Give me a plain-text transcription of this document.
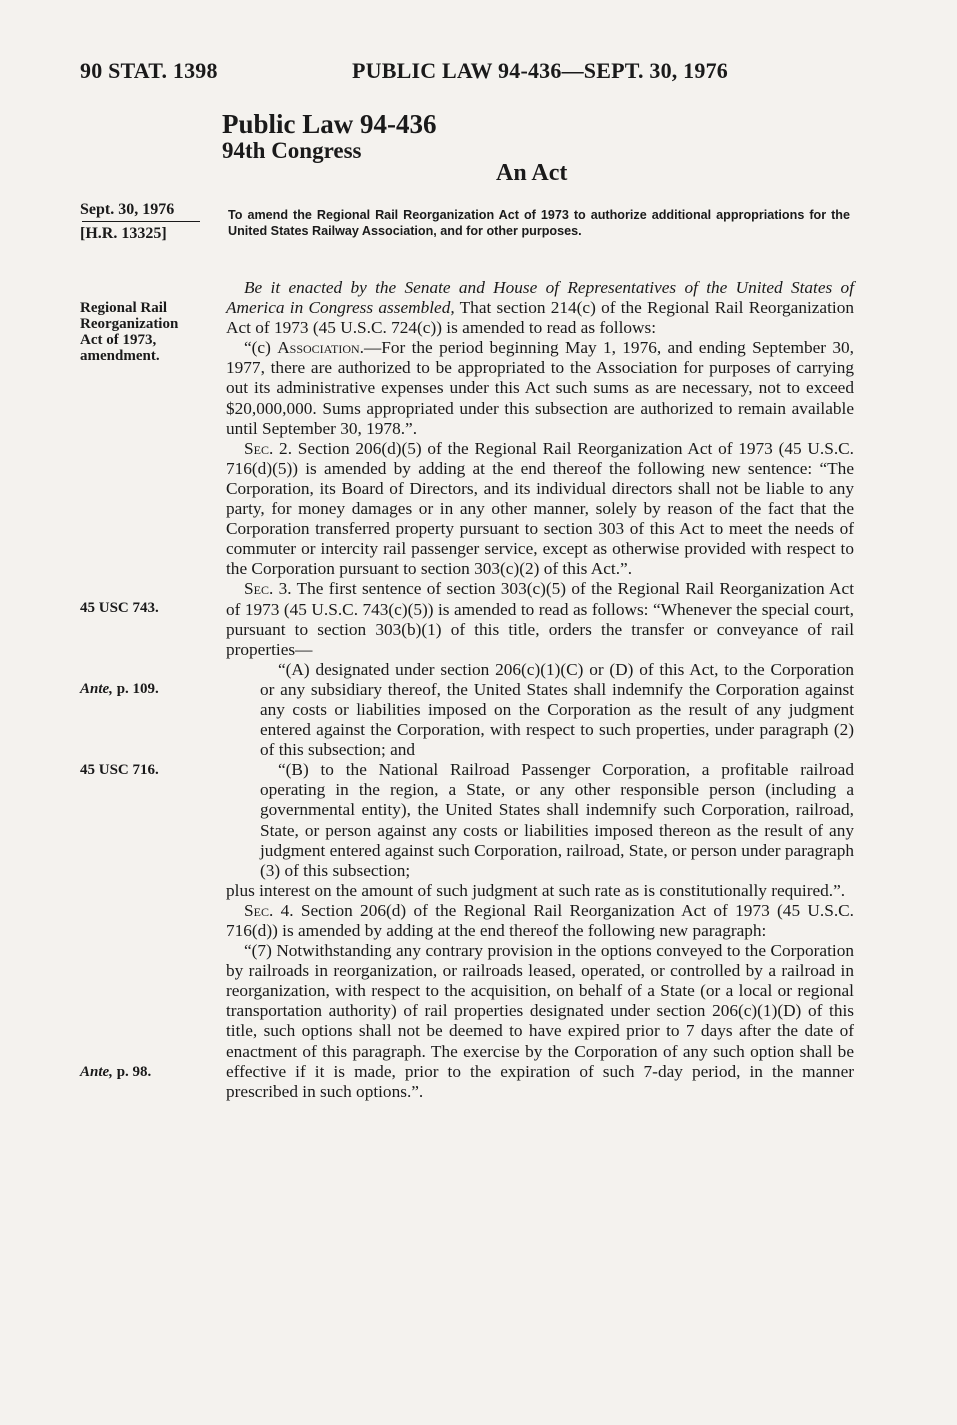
90 STAT. 1398	PUBLIC LAW 94-436—SEPT. 30, 1976
Public Law 94-436
94th Congress
An Act
Sept. 30, 1976
[H.R. 13325]
To amend the Regional Rail Reorganization Act of 1973 to authorize additional appropriations for the United States Railway Association, and for other purposes.
Regional Rail
Reorganization
Act of 1973,
amendment.
45 USC 743.
Ante, p. 109.
45 USC 716.
Ante, p. 98.

Be it enacted by the Senate and House of Representatives of the United States of America in Congress assembled, That section 214(c) of the Regional Rail Reorganization Act of 1973 (45 U.S.C. 724(c)) is amended to read as follows:

“(c) Association.—For the period beginning May 1, 1976, and ending September 30, 1977, there are authorized to be appropriated to the Association for purposes of carrying out its administrative expenses under this Act such sums as are necessary, not to exceed $20,000,000. Sums appropriated under this subsection are authorized to remain available until September 30, 1978.”.

Sec. 2. Section 206(d)(5) of the Regional Rail Reorganization Act of 1973 (45 U.S.C. 716(d)(5)) is amended by adding at the end thereof the following new sentence: “The Corporation, its Board of Directors, and its individual directors shall not be liable to any party, for money damages or in any other manner, solely by reason of the fact that the Corporation transferred property pursuant to section 303 of this Act to meet the needs of commuter or intercity rail passenger service, except as otherwise provided with respect to the Corporation pursuant to section 303(c)(2) of this Act.”.

Sec. 3. The first sentence of section 303(c)(5) of the Regional Rail Reorganization Act of 1973 (45 U.S.C. 743(c)(5)) is amended to read as follows: “Whenever the special court, pursuant to section 303(b)(1) of this title, orders the transfer or conveyance of rail properties—

“(A) designated under section 206(c)(1)(C) or (D) of this Act, to the Corporation or any subsidiary thereof, the United States shall indemnify the Corporation against any costs or liabilities imposed on the Corporation as the result of any judgment entered against the Corporation, with respect to such properties, under paragraph (2) of this subsection; and

“(B) to the National Railroad Passenger Corporation, a profitable railroad operating in the region, a State, or any other responsible person (including a governmental entity), the United States shall indemnify such Corporation, railroad, State, or person against any costs or liabilities imposed thereon as the result of any judgment entered against such Corporation, railroad, State, or person under paragraph (3) of this subsection;

plus interest on the amount of such judgment at such rate as is constitutionally required.”.

Sec. 4. Section 206(d) of the Regional Rail Reorganization Act of 1973 (45 U.S.C. 716(d)) is amended by adding at the end thereof the following new paragraph:

“(7) Notwithstanding any contrary provision in the options conveyed to the Corporation by railroads in reorganization, or railroads leased, operated, or controlled by a railroad in reorganization, with respect to the acquisition, on behalf of a State (or a local or regional transportation authority) of rail properties designated under section 206(c)(1)(D) of this title, such options shall not be deemed to have expired prior to 7 days after the date of enactment of this paragraph. The exercise by the Corporation of any such option shall be effective if it is made, prior to the expiration of such 7-day period, in the manner prescribed in such options.”.
